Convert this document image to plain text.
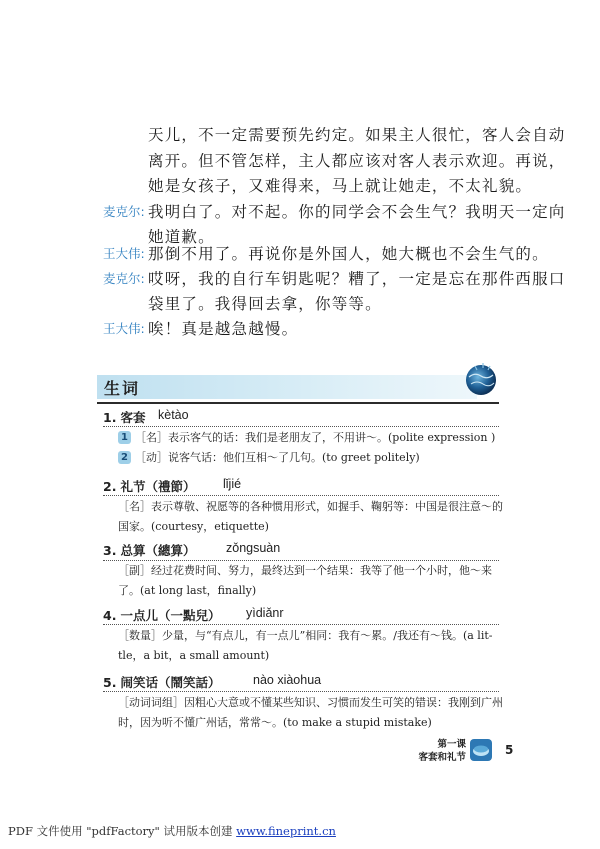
天儿，不一定需要预先约定。如果主人很忙，客人会自动
离开。但不管怎样，主人都应该对客人表示欢迎。再说，
她是女孩子，又难得来，马上就让她走，不太礼貌。
麦克尔: 我明白了。对不起。你的同学会不会生气？我明天一定向
她道歉。
王大伟: 那倒不用了。再说你是外国人，她大概也不会生气的。
麦克尔: 哎呀，我的自行车钥匙呢？糟了，一定是忘在那件西服口
袋里了。我得回去拿，你等等。
王大伟: 唉！真是越急越慢。
生词
1. 客套 kètào
1 ［名］表示客气的话：我们是老朋友了，不用讲～。(polite expression )
2 ［动］说客气话：他们互相～了几句。(to greet politely)
2. 礼节（禮節） lǐjié
［名］表示尊敬、祝愿等的各种惯用形式，如握手、鞠躬等：中国是很注意～的
国家。(courtesy，etiquette)
3. 总算（總算） zǒngsuàn
［副］经过花费时间、努力，最终达到一个结果：我等了他一个小时，他～来
了。(at long last，finally)
4. 一点儿（一點兒） yìdiǎnr
［数量］少量，与“有点儿，有一点儿”相同：我有～累。/我还有～钱。(a lit-
tle，a bit，a small amount)
5. 闹笑话（鬧笑話）	nào xiàohua
［动词词组］因粗心大意或不懂某些知识、习惯而发生可笑的错误：我刚到广州
时，因为听不懂广州话，常常～。(to make a stupid mistake)
第一课
客套和礼节
5
PDF 文件使用 "pdfFactory" 试用版本创建 www.fineprint.cn
